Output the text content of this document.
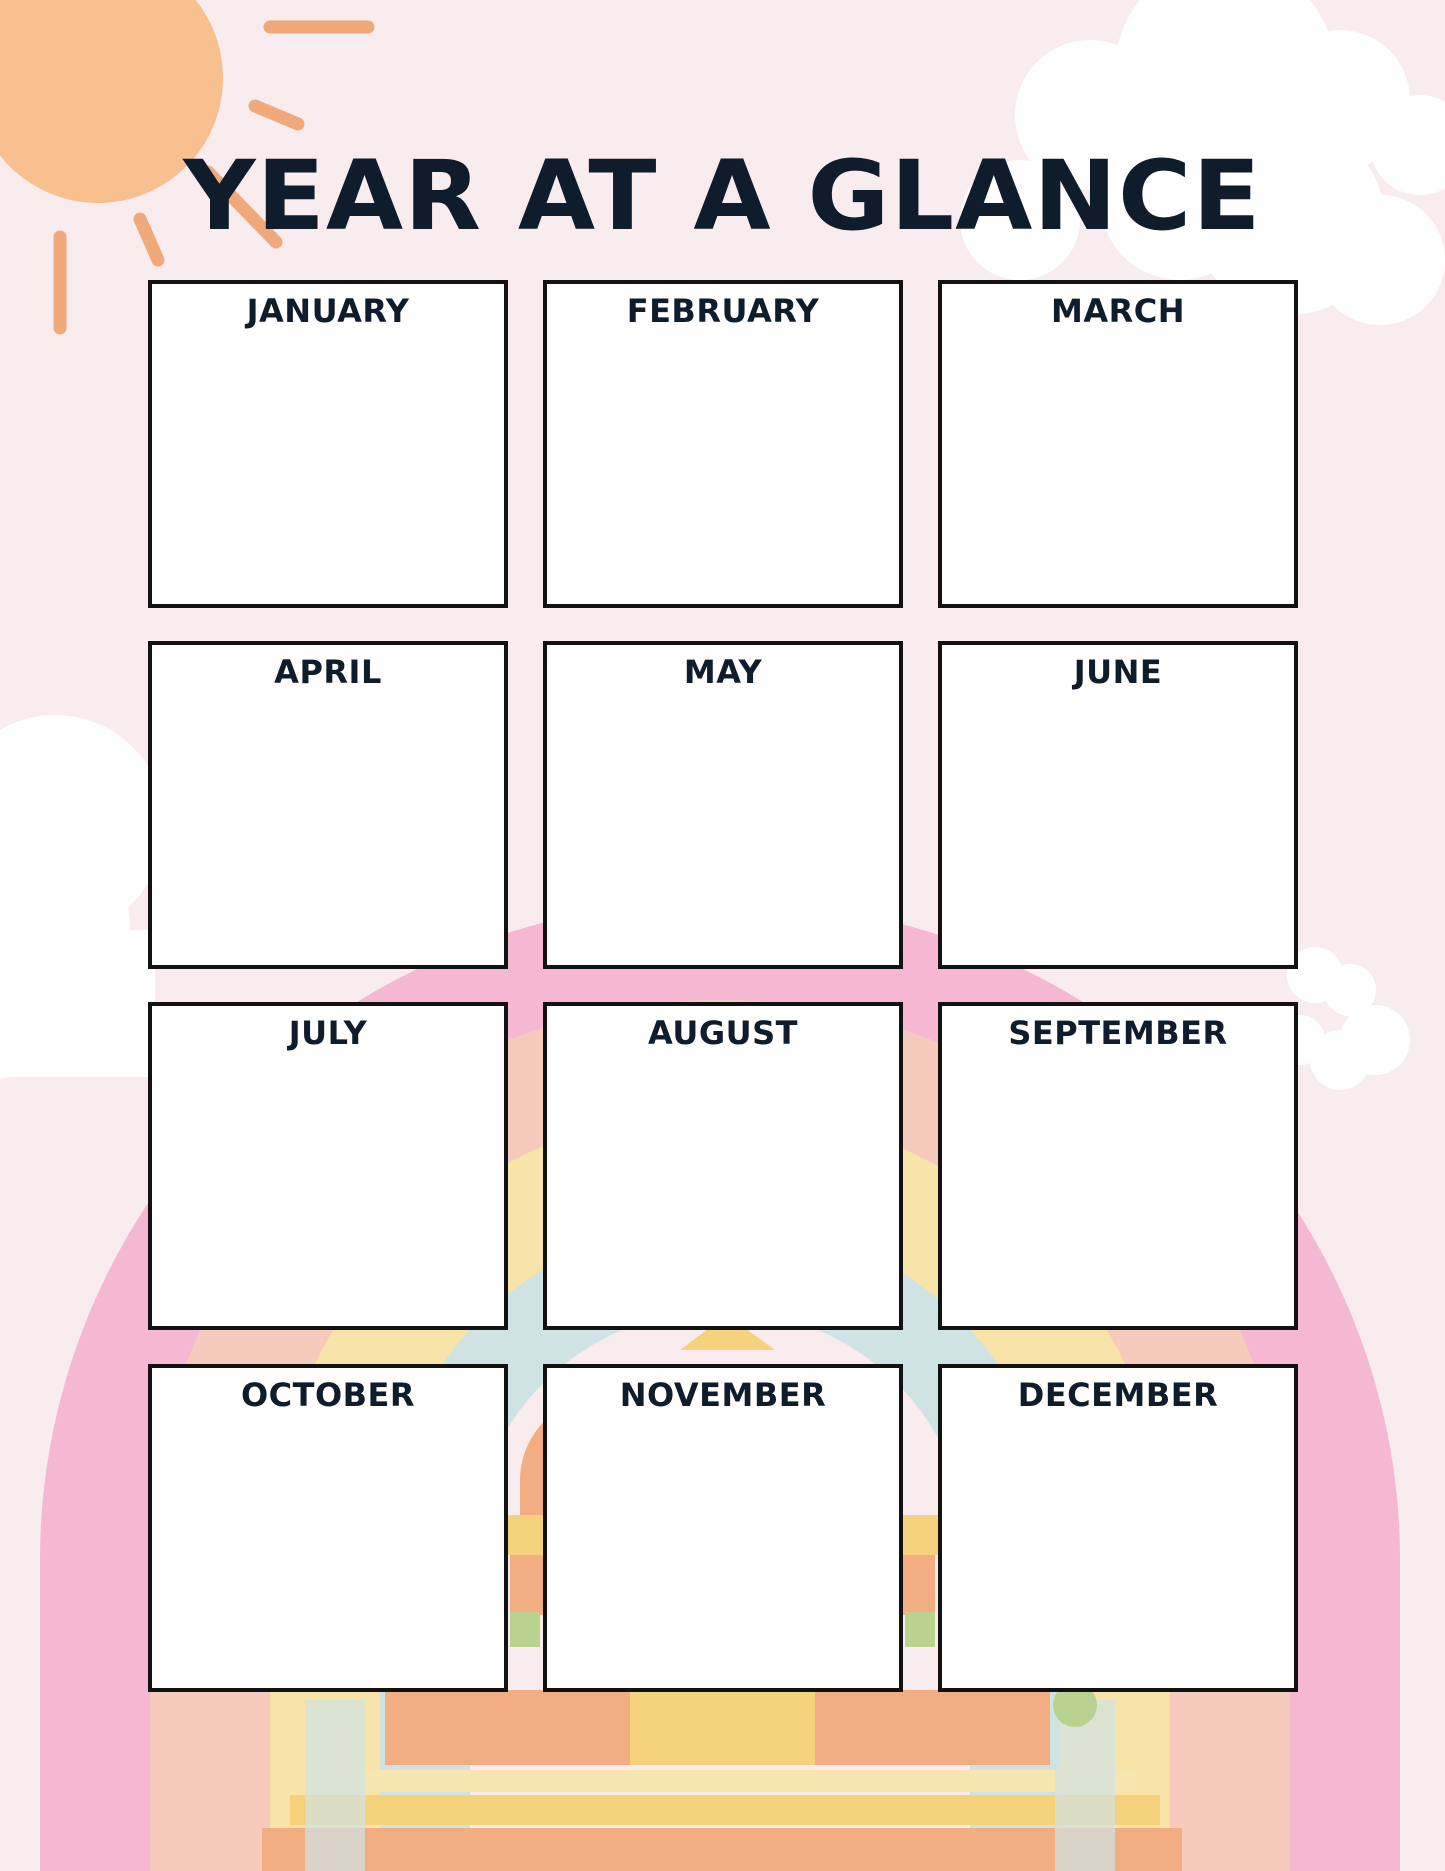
YEAR AT A GLANCE
JANUARY	FEBRUARY	MARCH
APRIL	MAY	JUNE
JULY	AUGUST	SEPTEMBER
OCTOBER	NOVEMBER	DECEMBER
